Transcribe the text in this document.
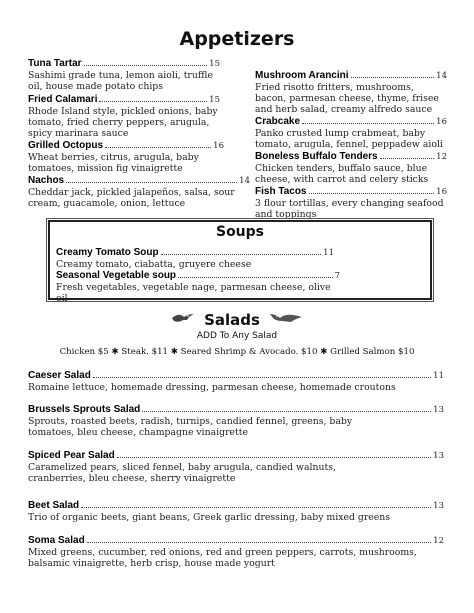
Appetizers
Tuna Tartar	15
Sashimi grade tuna, lemon aioli, truffle oil, house made potato chips
Fried Calamari	15
Rhode Island style, pickled onions, baby tomato, fried cherry peppers, arugula, spicy marinara sauce
Grilled Octopus	16
Wheat berries, citrus, arugula, baby tomatoes, mission fig vinaigrette
Nachos	14
Cheddar jack, pickled jalapeños, salsa, sour cream, guacamole, onion, lettuce
Mushroom Arancini	14
Fried risotto fritters, mushrooms, bacon, parmesan cheese, thyme, frisee and herb salad, creamy alfredo sauce
Crabcake	16
Panko crusted lump crabmeat, baby tomato, arugula, fennel, peppadew aioli
Boneless Buffalo Tenders	12
Chicken tenders, buffalo sauce, blue cheese, with carrot and celery sticks
Fish Tacos	16
3 flour tortillas, every changing seafood and toppings
Soups
Creamy Tomato Soup	11
Creamy tomato, ciabatta, gruyere cheese
Seasonal Vegetable soup	7
Fresh vegetables, vegetable nage, parmesan cheese, olive oil
Salads
ADD To Any Salad
Chicken $5 ✱ Steak. $11 ✱ Seared Shrimp & Avocado. $10 ✱ Grilled Salmon $10
Caeser Salad	11
Romaine lettuce, homemade dressing, parmesan cheese, homemade croutons
Brussels Sprouts Salad	13
Sprouts, roasted beets, radish, turnips, candied fennel, greens, baby tomatoes, bleu cheese, champagne vinaigrette
Spiced Pear Salad	13
Caramelized pears, sliced fennel, baby arugula, candied walnuts, cranberries, bleu cheese, sherry vinaigrette
Beet Salad	13
Trio of organic beets, giant beans, Greek garlic dressing, baby mixed greens
Soma Salad	12
Mixed greens, cucumber, red onions, red and green peppers, carrots, mushrooms, balsamic vinaigrette, herb crisp, house made yogurt
